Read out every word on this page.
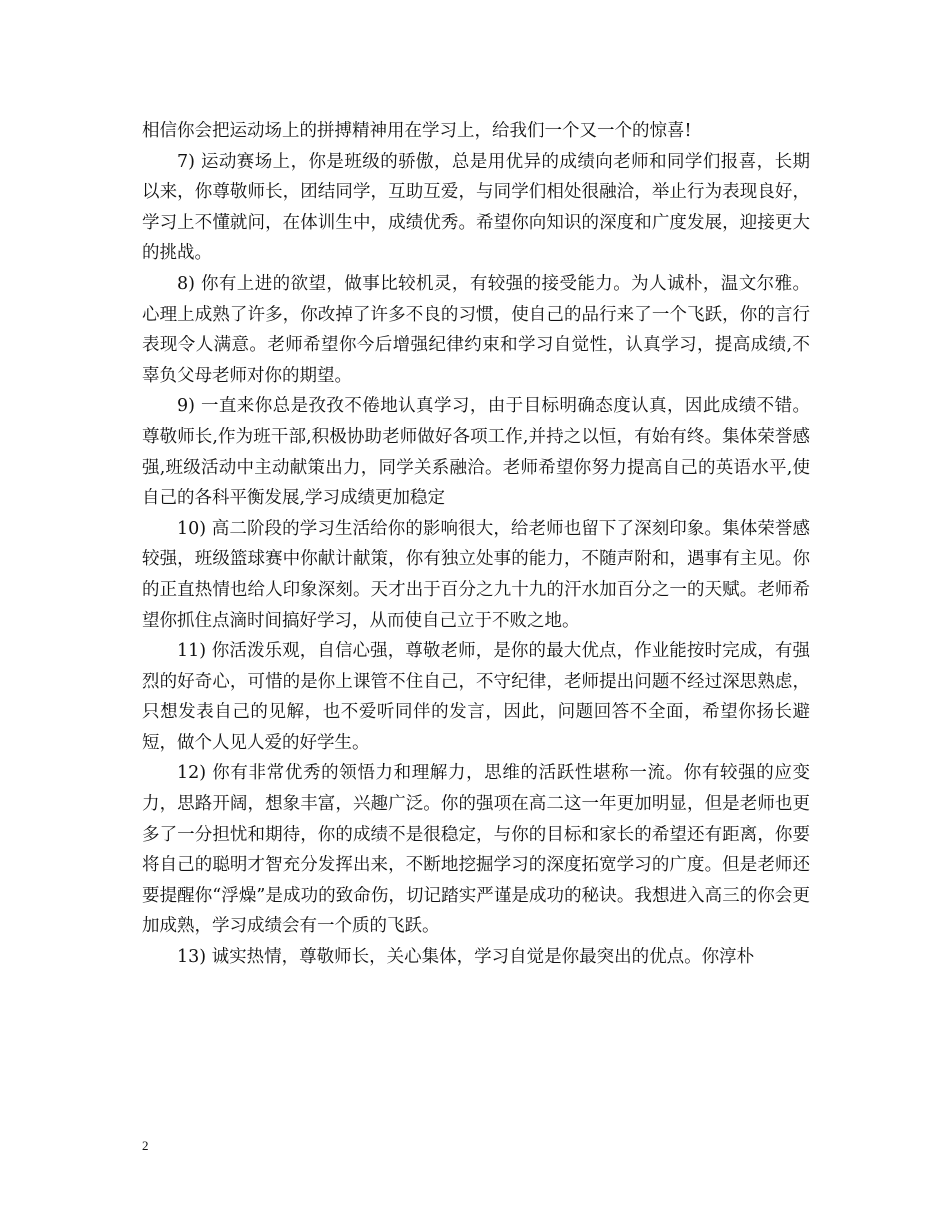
相信你会把运动场上的拼搏精神用在学习上，给我们一个又一个的惊喜!

7) 运动赛场上，你是班级的骄傲，总是用优异的成绩向老师和同学们报喜，长期以来，你尊敬师长，团结同学，互助互爱，与同学们相处很融洽，举止行为表现良好，学习上不懂就问，在体训生中，成绩优秀。希望你向知识的深度和广度发展，迎接更大的挑战。

8) 你有上进的欲望，做事比较机灵，有较强的接受能力。为人诚朴，温文尔雅。心理上成熟了许多，你改掉了许多不良的习惯，使自己的品行来了一个飞跃，你的言行表现令人满意。老师希望你今后增强纪律约束和学习自觉性，认真学习，提高成绩,不辜负父母老师对你的期望。

9) 一直来你总是孜孜不倦地认真学习，由于目标明确态度认真，因此成绩不错。尊敬师长,作为班干部,积极协助老师做好各项工作,并持之以恒，有始有终。集体荣誉感强,班级活动中主动献策出力，同学关系融洽。老师希望你努力提高自己的英语水平,使自己的各科平衡发展,学习成绩更加稳定

10) 高二阶段的学习生活给你的影响很大，给老师也留下了深刻印象。集体荣誉感较强，班级篮球赛中你献计献策，你有独立处事的能力，不随声附和，遇事有主见。你的正直热情也给人印象深刻。天才出于百分之九十九的汗水加百分之一的天赋。老师希望你抓住点滴时间搞好学习，从而使自己立于不败之地。

11) 你活泼乐观，自信心强，尊敬老师，是你的最大优点，作业能按时完成，有强烈的好奇心，可惜的是你上课管不住自己，不守纪律，老师提出问题不经过深思熟虑，只想发表自己的见解，也不爱听同伴的发言，因此，问题回答不全面，希望你扬长避短，做个人见人爱的好学生。

12) 你有非常优秀的领悟力和理解力，思维的活跃性堪称一流。你有较强的应变力，思路开阔，想象丰富，兴趣广泛。你的强项在高二这一年更加明显，但是老师也更多了一分担忧和期待，你的成绩不是很稳定，与你的目标和家长的希望还有距离，你要将自己的聪明才智充分发挥出来，不断地挖掘学习的深度拓宽学习的广度。但是老师还要提醒你“浮燥”是成功的致命伤，切记踏实严谨是成功的秘诀。我想进入高三的你会更加成熟，学习成绩会有一个质的飞跃。

13) 诚实热情，尊敬师长，关心集体，学习自觉是你最突出的优点。你淳朴

2
